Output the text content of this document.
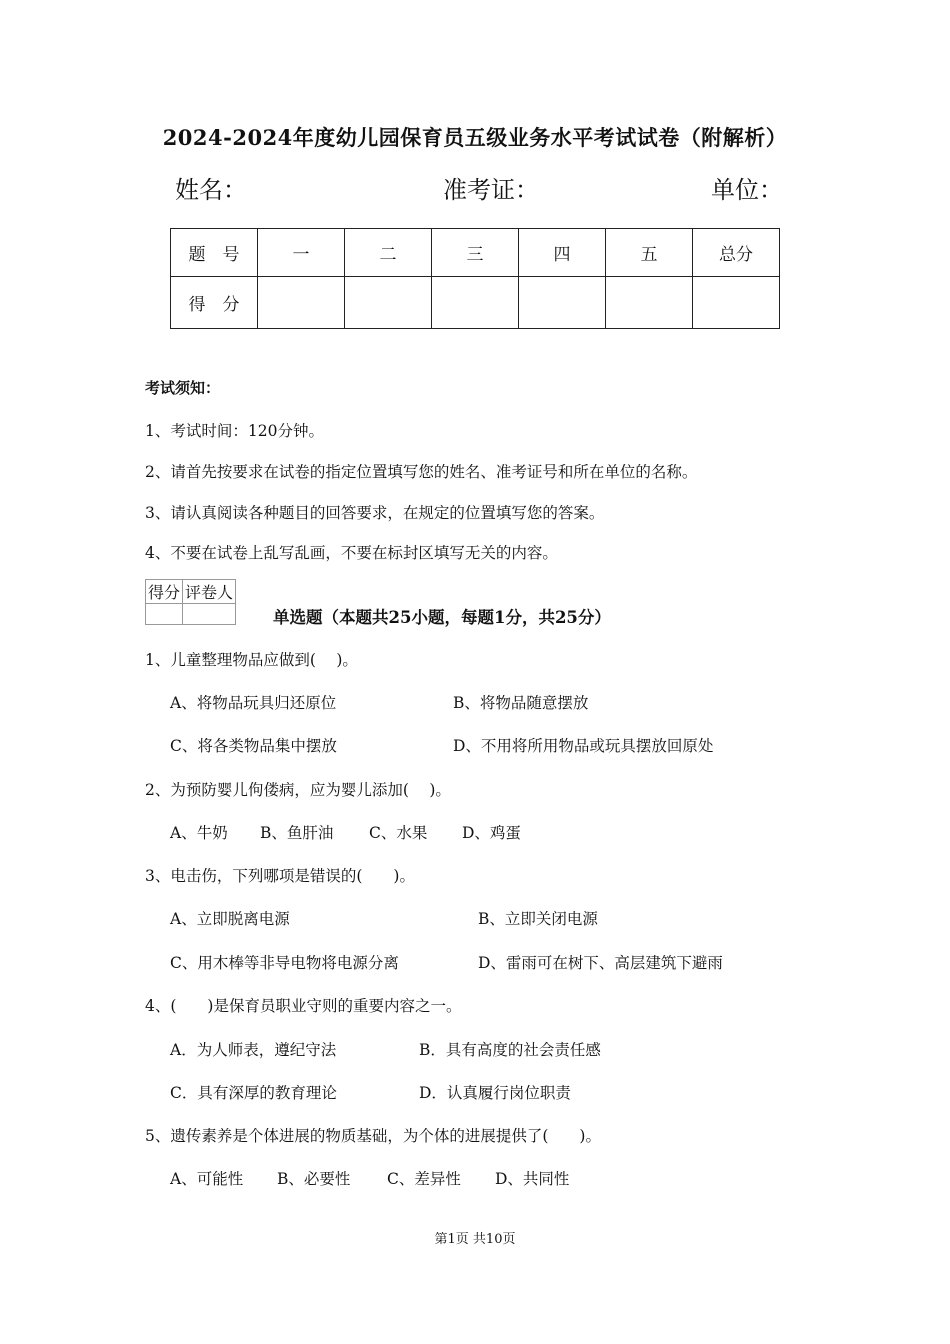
2024-2024年度幼儿园保育员五级业务水平考试试卷（附解析）
姓名：	准考证：	单位：
题　号	一	二	三	四	五	总分
得　分						
考试须知：
1、考试时间：120分钟。
2、请首先按要求在试卷的指定位置填写您的姓名、准考证号和所在单位的名称。
3、请认真阅读各种题目的回答要求，在规定的位置填写您的答案。
4、不要在试卷上乱写乱画，不要在标封区填写无关的内容。
得分	评卷人

单选题（本题共25小题，每题1分，共25分）
1、儿童整理物品应做到(　 )。
A、将物品玩具归还原位	B、将物品随意摆放
C、将各类物品集中摆放	D、不用将所用物品或玩具摆放回原处
2、为预防婴儿佝偻病，应为婴儿添加(　 )。
A、牛奶 B、鱼肝油 C、水果 D、鸡蛋
3、电击伤，下列哪项是错误的(　　)。
A、立即脱离电源	B、立即关闭电源
C、用木棒等非导电物将电源分离	D、雷雨可在树下、高层建筑下避雨
4、(　　)是保育员职业守则的重要内容之一。
A．为人师表，遵纪守法	B．具有高度的社会责任感
C．具有深厚的教育理论	D．认真履行岗位职责
5、遗传素养是个体进展的物质基础，为个体的进展提供了(　　)。
A、可能性 B、必要性 C、差异性 D、共同性
第1页 共10页
